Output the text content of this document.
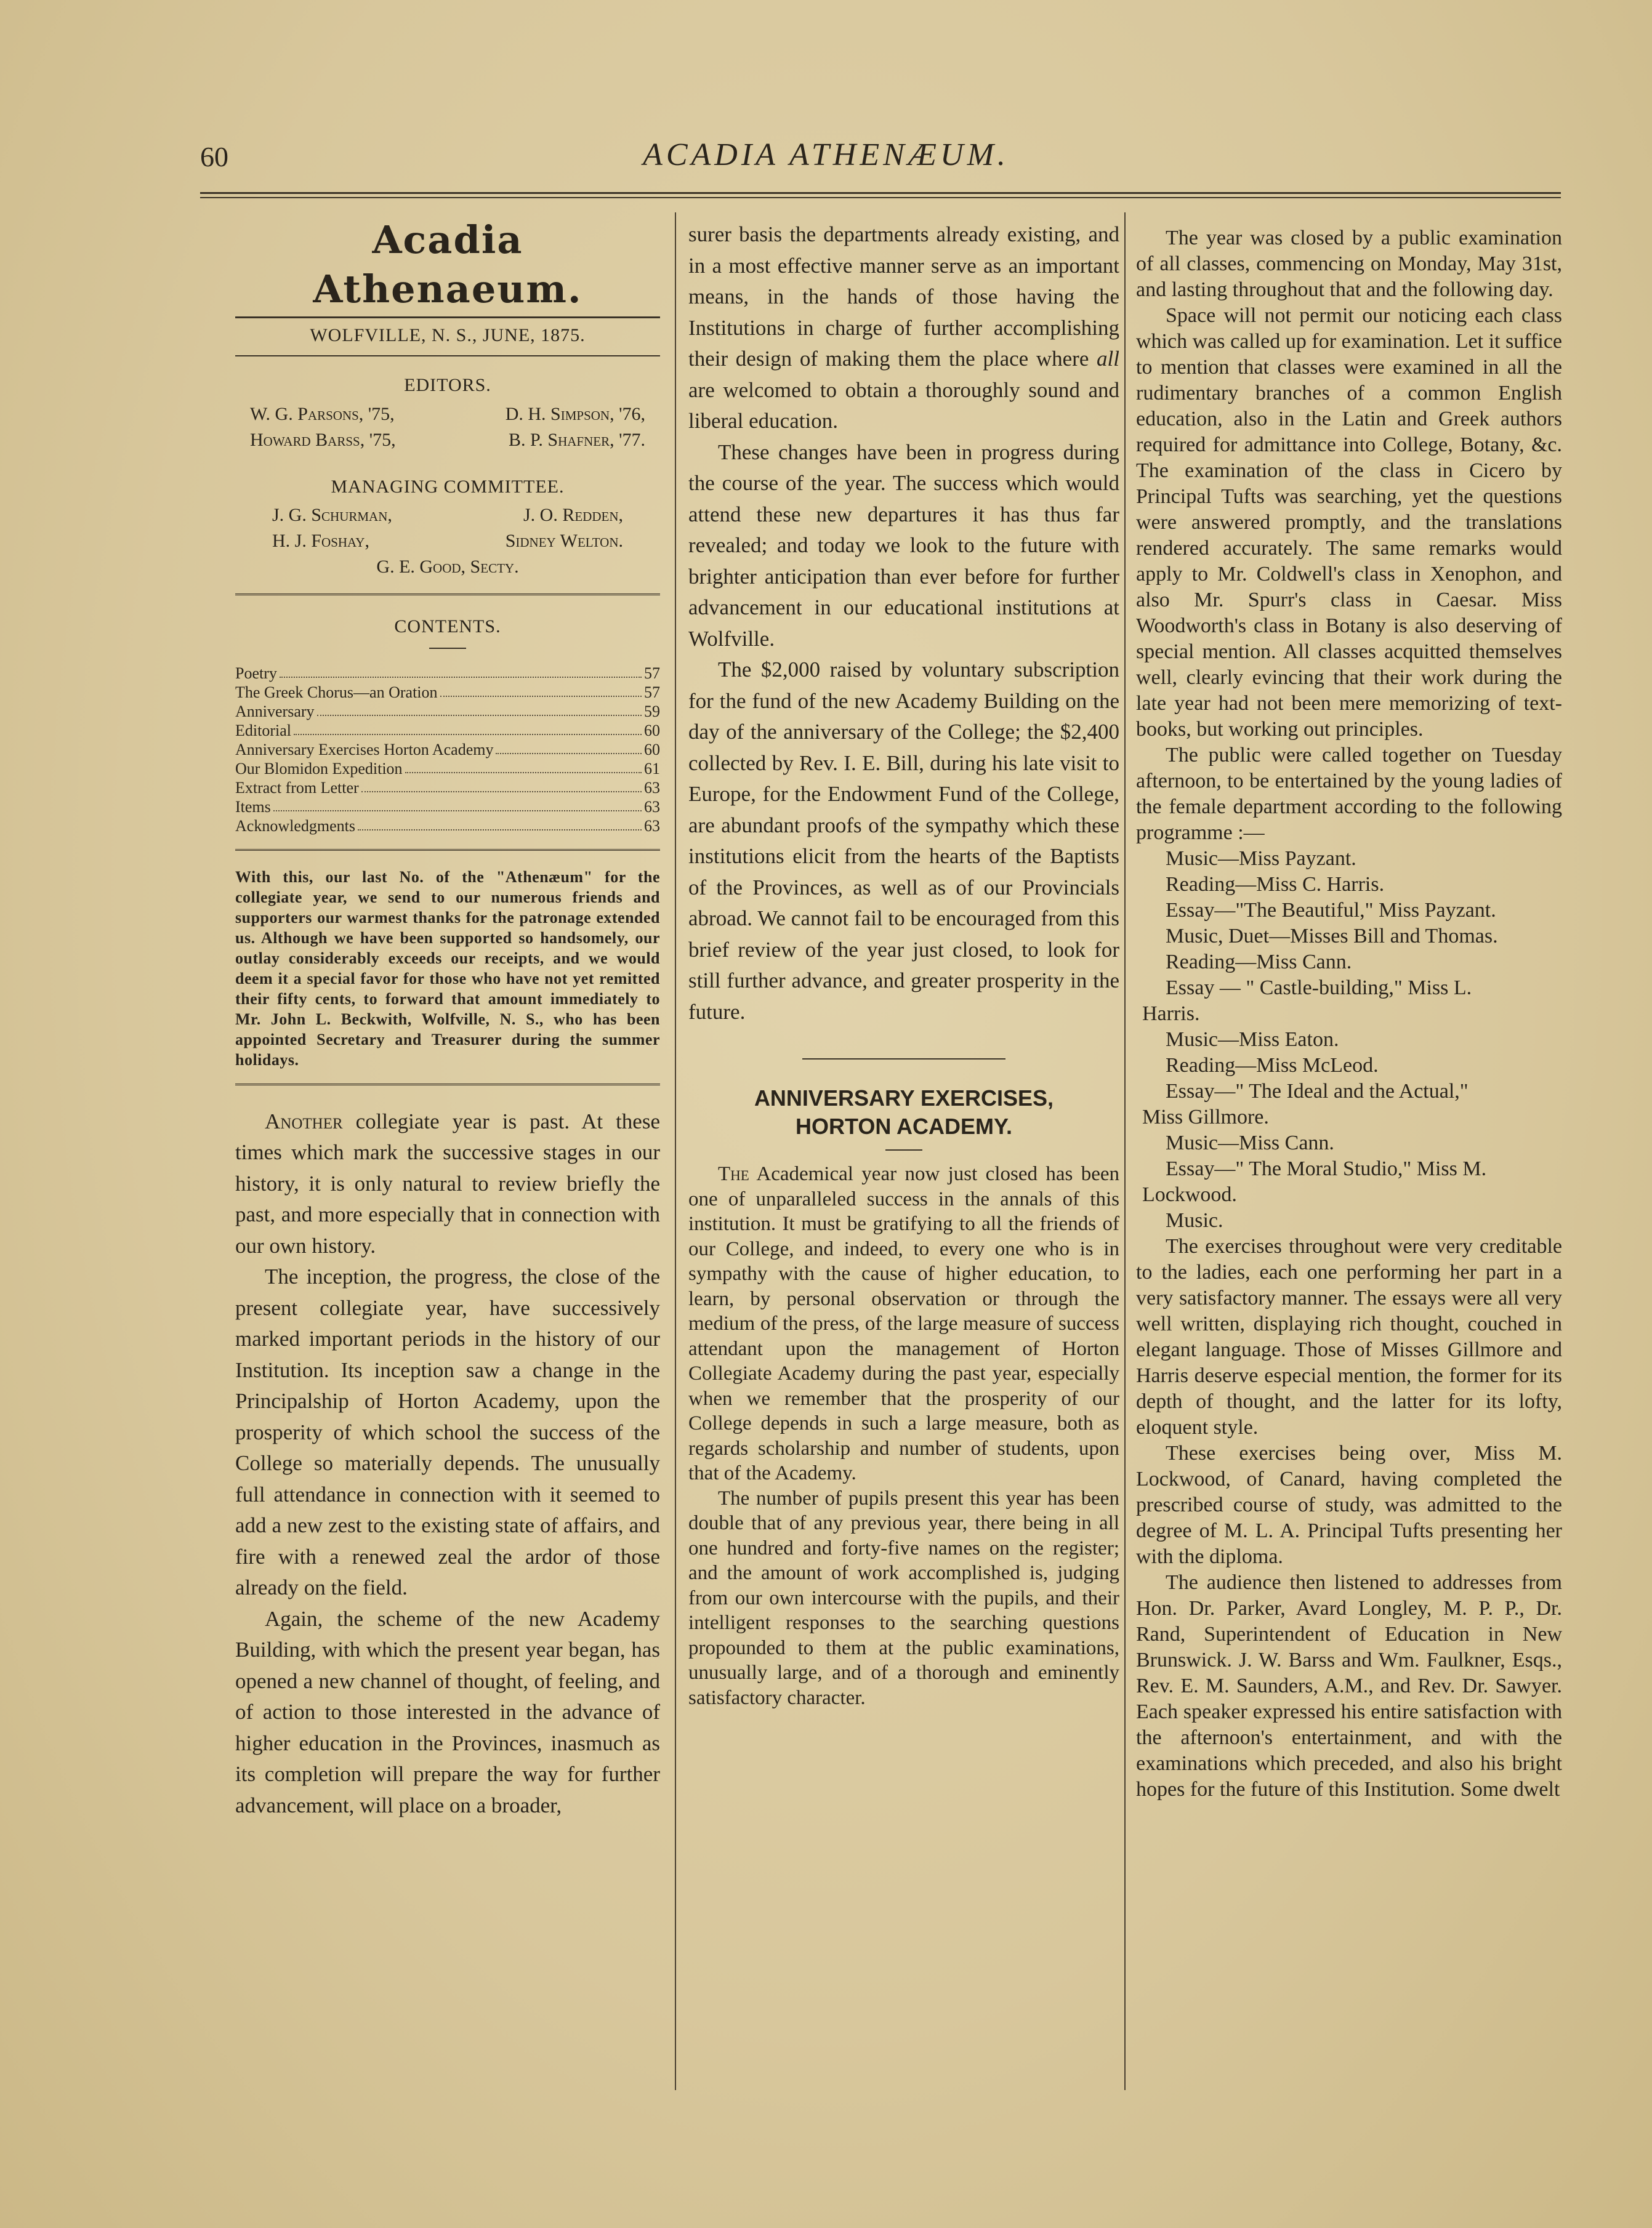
60	ACADIA ATHENÆUM.
Acadia Athenaeum.
WOLFVILLE, N. S., JUNE, 1875.
EDITORS.
W. G. Parsons, '75,	D. H. Simpson, '76,
Howard Barss, '75,	B. P. Shafner, '77.
MANAGING COMMITTEE.
J. G. Schurman,	J. O. Redden,
H. J. Foshay,	Sidney Welton.
G. E. Good, Secty.
CONTENTS.
Poetry	57
The Greek Chorus—an Oration	57
Anniversary	59
Editorial	60
Anniversary Exercises Horton Academy	60
Our Blomidon Expedition	61
Extract from Letter	63
Items	63
Acknowledgments	63
With this, our last No. of the "Athenæum" for the collegiate year, we send to our numerous friends and supporters our warmest thanks for the patronage extended us. Although we have been supported so handsomely, our outlay considerably exceeds our receipts, and we would deem it a special favor for those who have not yet remitted their fifty cents, to forward that amount immediately to Mr. John L. Beckwith, Wolfville, N. S., who has been appointed Secretary and Treasurer during the summer holidays.

Another collegiate year is past. At these times which mark the successive stages in our history, it is only natural to review briefly the past, and more especially that in connection with our own history.

The inception, the progress, the close of the present collegiate year, have successively marked important periods in the history of our Institution. Its inception saw a change in the Principalship of Horton Academy, upon the prosperity of which school the success of the College so materially depends. The unusually full attendance in connection with it seemed to add a new zest to the existing state of affairs, and fire with a renewed zeal the ardor of those already on the field.

Again, the scheme of the new Academy Building, with which the present year began, has opened a new channel of thought, of feeling, and of action to those interested in the advance of higher education in the Provinces, inasmuch as its completion will prepare the way for further advancement, will place on a broader,

surer basis the departments already existing, and in a most effective manner serve as an important means, in the hands of those having the Institutions in charge of further accomplishing their design of making them the place where all are welcomed to obtain a thoroughly sound and liberal education.

These changes have been in progress during the course of the year. The success which would attend these new departures it has thus far revealed; and today we look to the future with brighter anticipation than ever before for further advancement in our educational institutions at Wolfville.

The $2,000 raised by voluntary subscription for the fund of the new Academy Building on the day of the anniversary of the College; the $2,400 collected by Rev. I. E. Bill, during his late visit to Europe, for the Endowment Fund of the College, are abundant proofs of the sympathy which these institutions elicit from the hearts of the Baptists of the Provinces, as well as of our Provincials abroad. We cannot fail to be encouraged from this brief review of the year just closed, to look for still further advance, and greater prosperity in the future.

ANNIVERSARY EXERCISES,
HORTON ACADEMY.

The Academical year now just closed has been one of unparalleled success in the annals of this institution. It must be gratifying to all the friends of our College, and indeed, to every one who is in sympathy with the cause of higher education, to learn, by personal observation or through the medium of the press, of the large measure of success attendant upon the management of Horton Collegiate Academy during the past year, especially when we remember that the prosperity of our College depends in such a large measure, both as regards scholarship and number of students, upon that of the Academy.

The number of pupils present this year has been double that of any previous year, there being in all one hundred and forty-five names on the register; and the amount of work accomplished is, judging from our own intercourse with the pupils, and their intelligent responses to the searching questions propounded to them at the public examinations, unusually large, and of a thorough and eminently satisfactory character.

The year was closed by a public examination of all classes, commencing on Monday, May 31st, and lasting throughout that and the following day.

Space will not permit our noticing each class which was called up for examination. Let it suffice to mention that classes were examined in all the rudimentary branches of a common English education, also in the Latin and Greek authors required for admittance into College, Botany, &c. The examination of the class in Cicero by Principal Tufts was searching, yet the questions were answered promptly, and the translations rendered accurately. The same remarks would apply to Mr. Coldwell's class in Xenophon, and also Mr. Spurr's class in Caesar. Miss Woodworth's class in Botany is also deserving of special mention. All classes acquitted themselves well, clearly evincing that their work during the late year had not been mere memorizing of text-books, but working out principles.

The public were called together on Tuesday afternoon, to be entertained by the young ladies of the female department according to the following programme :—

Music—Miss Payzant.
Reading—Miss C. Harris.
Essay—"The Beautiful," Miss Payzant.
Music, Duet—Misses Bill and Thomas.
Reading—Miss Cann.
Essay — " Castle-building," Miss L.
Harris.
Music—Miss Eaton.
Reading—Miss McLeod.
Essay—" The Ideal and the Actual,"
Miss Gillmore.
Music—Miss Cann.
Essay—" The Moral Studio," Miss M.
Lockwood.
Music.

The exercises throughout were very creditable to the ladies, each one performing her part in a very satisfactory manner. The essays were all very well written, displaying rich thought, couched in elegant language. Those of Misses Gillmore and Harris deserve especial mention, the former for its depth of thought, and the latter for its lofty, eloquent style.

These exercises being over, Miss M. Lockwood, of Canard, having completed the prescribed course of study, was admitted to the degree of M. L. A. Principal Tufts presenting her with the diploma.

The audience then listened to addresses from Hon. Dr. Parker, Avard Longley, M. P. P., Dr. Rand, Superintendent of Education in New Brunswick. J. W. Barss and Wm. Faulkner, Esqs., Rev. E. M. Saunders, A.M., and Rev. Dr. Sawyer. Each speaker expressed his entire satisfaction with the afternoon's entertainment, and with the examinations which preceded, and also his bright hopes for the future of this Institution. Some dwelt
